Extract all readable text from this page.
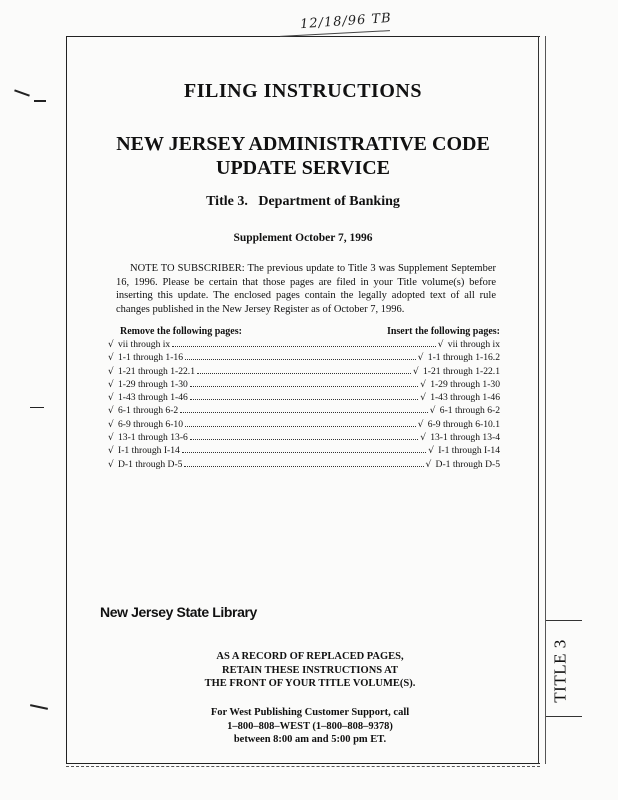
12/18/96 TB
FILING INSTRUCTIONS
NEW JERSEY ADMINISTRATIVE CODE
UPDATE SERVICE
Title 3.   Department of Banking
Supplement October 7, 1996
NOTE TO SUBSCRIBER: The previous update to Title 3 was Supplement September 16, 1996. Please be certain that those pages are filed in your Title volume(s) before inserting this update. The enclosed pages contain the legally adopted text of all rule changes published in the New Jersey Register as of October 7, 1996.
Remove the following pages:	Insert the following pages:
√ vii through ix	√ vii through ix
√ 1-1 through 1-16	√ 1-1 through 1-16.2
√ 1-21 through 1-22.1	√ 1-21 through 1-22.1
√ 1-29 through 1-30	√ 1-29 through 1-30
√ 1-43 through 1-46	√ 1-43 through 1-46
√ 6-1 through 6-2	√ 6-1 through 6-2
√ 6-9 through 6-10	√ 6-9 through 6-10.1
√ 13-1 through 13-6	√ 13-1 through 13-4
√ I-1 through I-14	√ I-1 through I-14
√ D-1 through D-5	√ D-1 through D-5
New Jersey State Library
AS A RECORD OF REPLACED PAGES,
RETAIN THESE INSTRUCTIONS AT
THE FRONT OF YOUR TITLE VOLUME(S).
For West Publishing Customer Support, call
1–800–808–WEST (1–800–808–9378)
between 8:00 am and 5:00 pm ET.
TITLE 3
